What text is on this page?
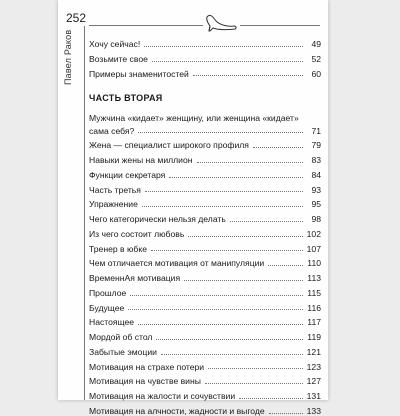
252
Павел Раков Хочу сейчас!	49
Возьмите свое	52
Примеры знаменитостей	60
ЧАСТЬ ВТОРАЯ
Мужчина «кидает» женщину, или женщина «кидает»
сама себя?	71
Жена — специалист широкого профиля	79
Навыки жены на миллион	83
Функции секретаря	84
Часть третья	93
Упражнение	95
Чего категорически нельзя делать	98
Из чего состоит любовь	102
Тренер в юбке	107
Чем отличается мотивация от манипуляции	110
ВременнАя мотивация	113
Прошлое	115
Будущее	116
Настоящее	117
Мордой об стол	119
Забытые эмоции	121
Мотивация на страхе потери	123
Мотивация на чувстве вины	127
Мотивация на жалости и сочувствии	131
Мотивация на алчности, жадности и выгоде	133
